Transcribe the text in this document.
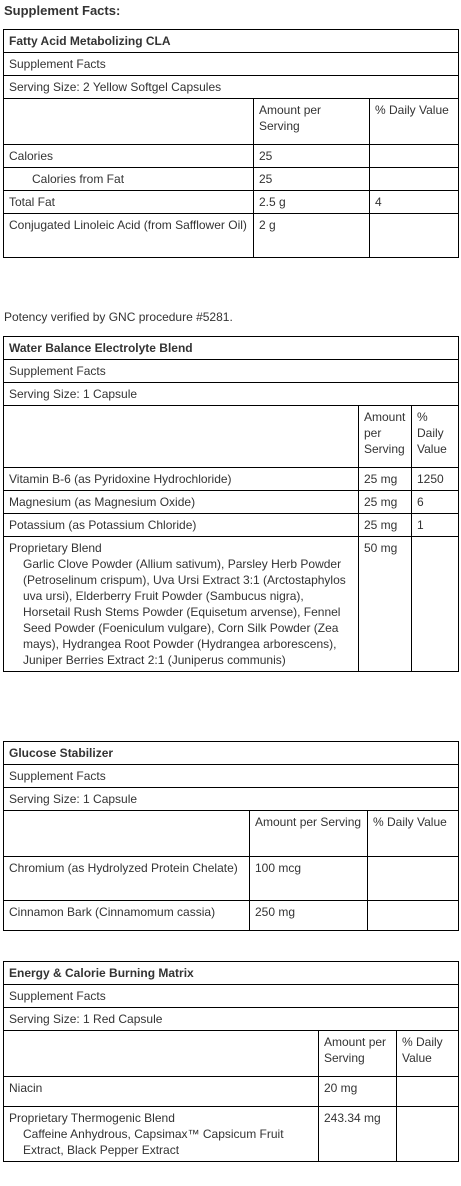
Supplement Facts:
Fatty Acid Metabolizing CLA		
Supplement Facts		
Serving Size: 2 Yellow Softgel Capsules		
	Amount per Serving	% Daily Value
Calories	25	
Calories from Fat	25	
Total Fat	2.5 g	4
Conjugated Linoleic Acid (from Safflower Oil)	2 g	
Potency verified by GNC procedure #5281.
Water Balance Electrolyte Blend		
Supplement Facts		
Serving Size: 1 Capsule		
	Amount per Serving	% Daily Value
Vitamin B-6 (as Pyridoxine Hydrochloride)	25 mg	1250
Magnesium (as Magnesium Oxide)	25 mg	6
Potassium (as Potassium Chloride)	25 mg	1
Proprietary Blend
Garlic Clove Powder (Allium sativum), Parsley Herb Powder (Petroselinum crispum), Uva Ursi Extract 3:1 (Arctostaphylos uva ursi), Elderberry Fruit Powder (Sambucus nigra), Horsetail Rush Stems Powder (Equisetum arvense), Fennel Seed Powder (Foeniculum vulgare), Corn Silk Powder (Zea mays), Hydrangea Root Powder (Hydrangea arborescens), Juniper Berries Extract 2:1 (Juniperus communis)	50 mg	
Glucose Stabilizer		
Supplement Facts		
Serving Size: 1 Capsule		
	Amount per Serving	% Daily Value
Chromium (as Hydrolyzed Protein Chelate)	100 mcg	
Cinnamon Bark (Cinnamomum cassia)	250 mg	
Energy & Calorie Burning Matrix		
Supplement Facts		
Serving Size: 1 Red Capsule		
	Amount per Serving	% Daily Value
Niacin	20 mg	
Proprietary Thermogenic Blend
Caffeine Anhydrous, Capsimax™ Capsicum Fruit Extract, Black Pepper Extract	243.34 mg	
